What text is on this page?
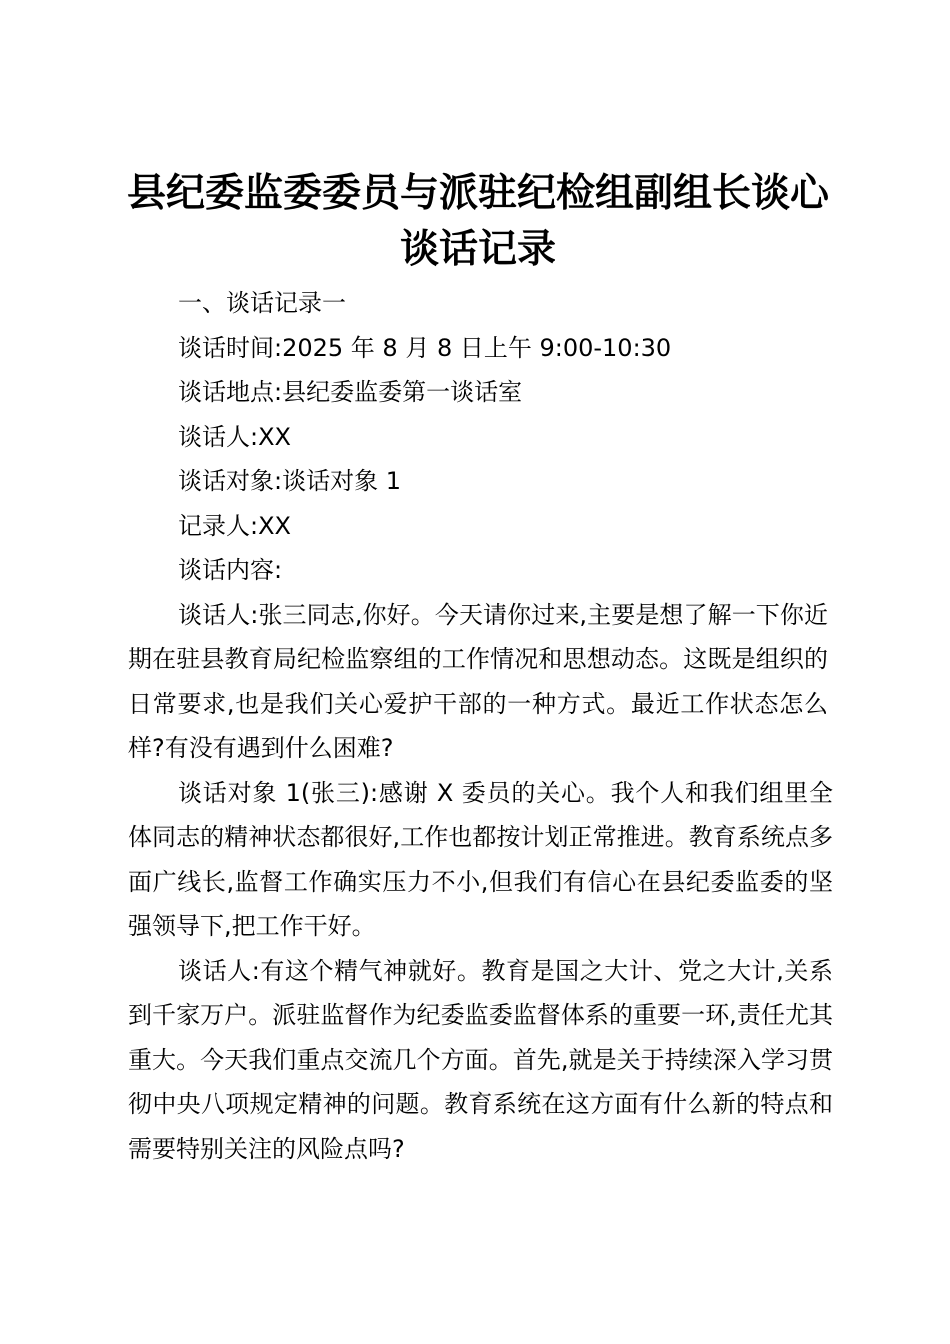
县纪委监委委员与派驻纪检组副组长谈心谈话记录

一、谈话记录一

谈话时间:2025 年 8 月 8 日上午 9:00-10:30

谈话地点:县纪委监委第一谈话室

谈话人:XX

谈话对象:谈话对象 1

记录人:XX

谈话内容:

谈话人:张三同志,你好。今天请你过来,主要是想了解一下你近期在驻县教育局纪检监察组的工作情况和思想动态。这既是组织的日常要求,也是我们关心爱护干部的一种方式。最近工作状态怎么样?有没有遇到什么困难?

谈话对象 1(张三):感谢 X 委员的关心。我个人和我们组里全体同志的精神状态都很好,工作也都按计划正常推进。教育系统点多面广线长,监督工作确实压力不小,但我们有信心在县纪委监委的坚强领导下,把工作干好。

谈话人:有这个精气神就好。教育是国之大计、党之大计,关系到千家万户。派驻监督作为纪委监委监督体系的重要一环,责任尤其重大。今天我们重点交流几个方面。首先,就是关于持续深入学习贯彻中央八项规定精神的问题。教育系统在这方面有什么新的特点和需要特别关注的风险点吗?
